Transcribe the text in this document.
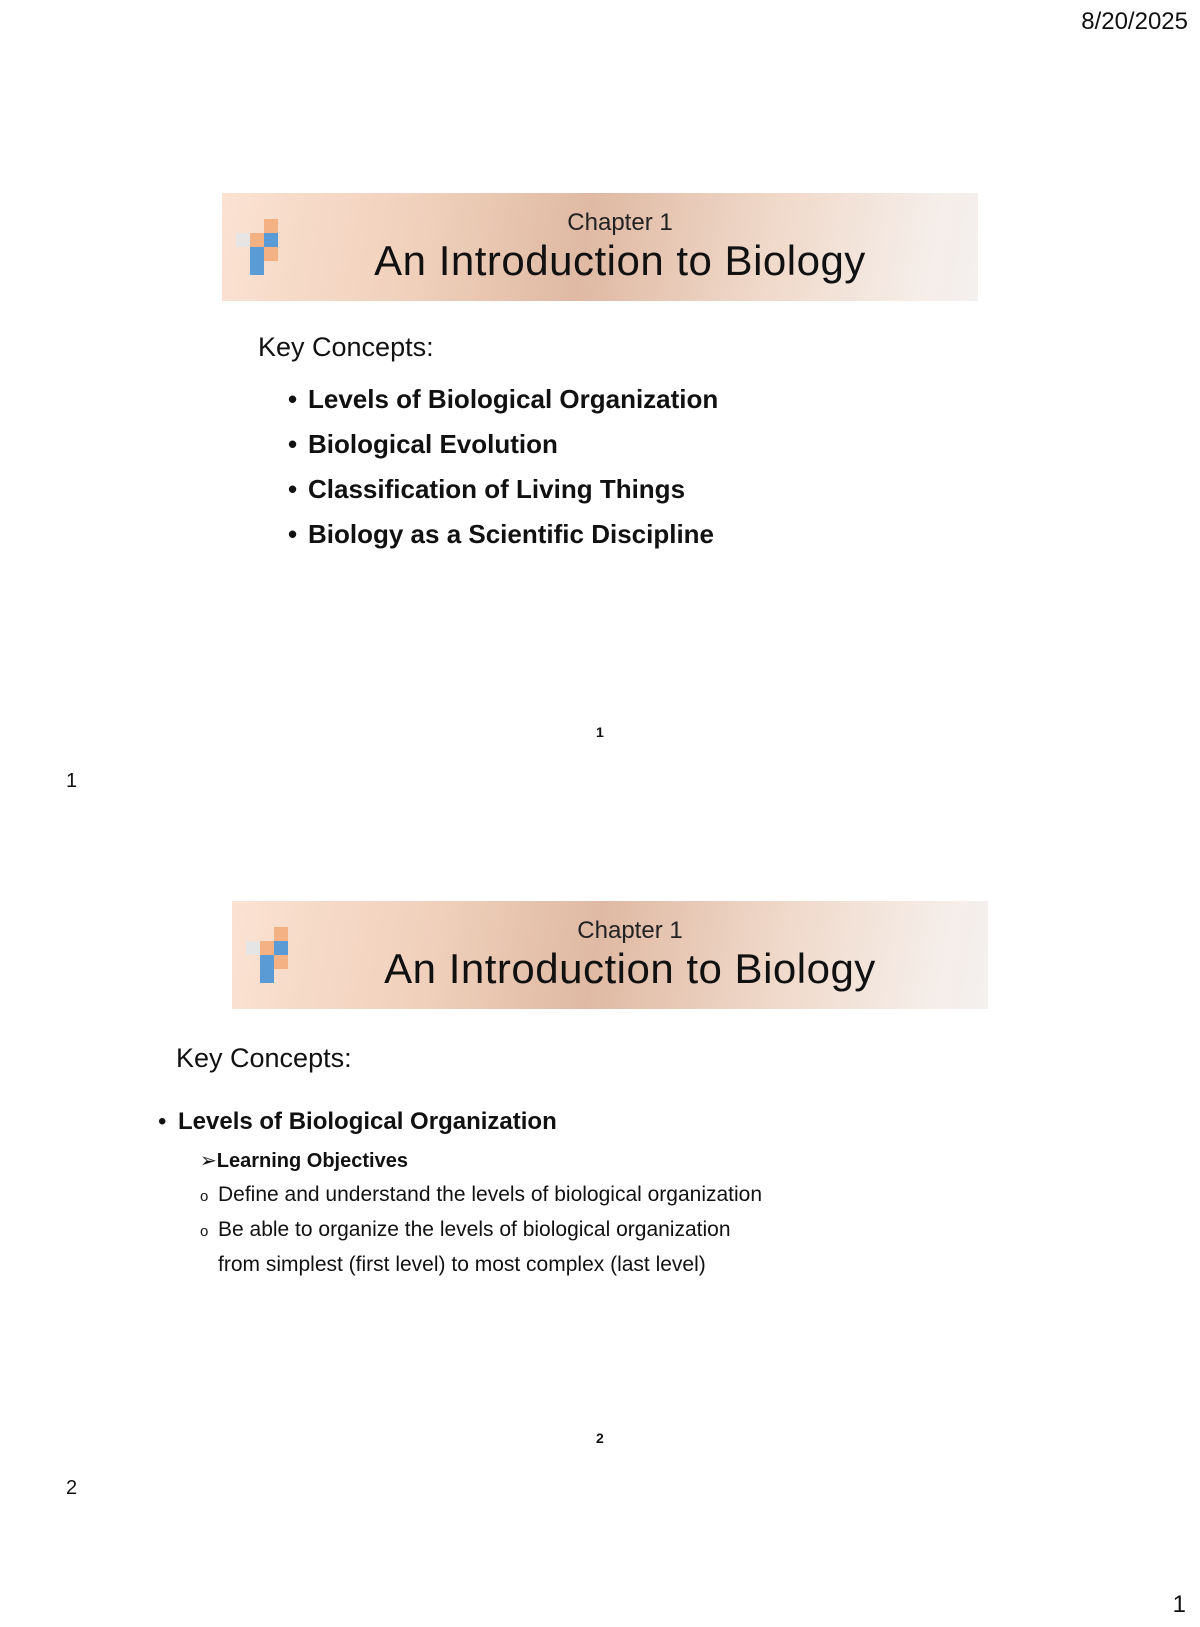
8/20/2025
Chapter 1
An Introduction to Biology
Key Concepts:
• Levels of Biological Organization
• Biological Evolution
• Classification of Living Things
• Biology as a Scientific Discipline
1
1
Chapter 1
An Introduction to Biology
Key Concepts:
• Levels of Biological Organization
➢Learning Objectives
o Define and understand the levels of biological organization
o Be able to organize the levels of biological organization
from simplest (first level) to most complex (last level)
2
2
1
